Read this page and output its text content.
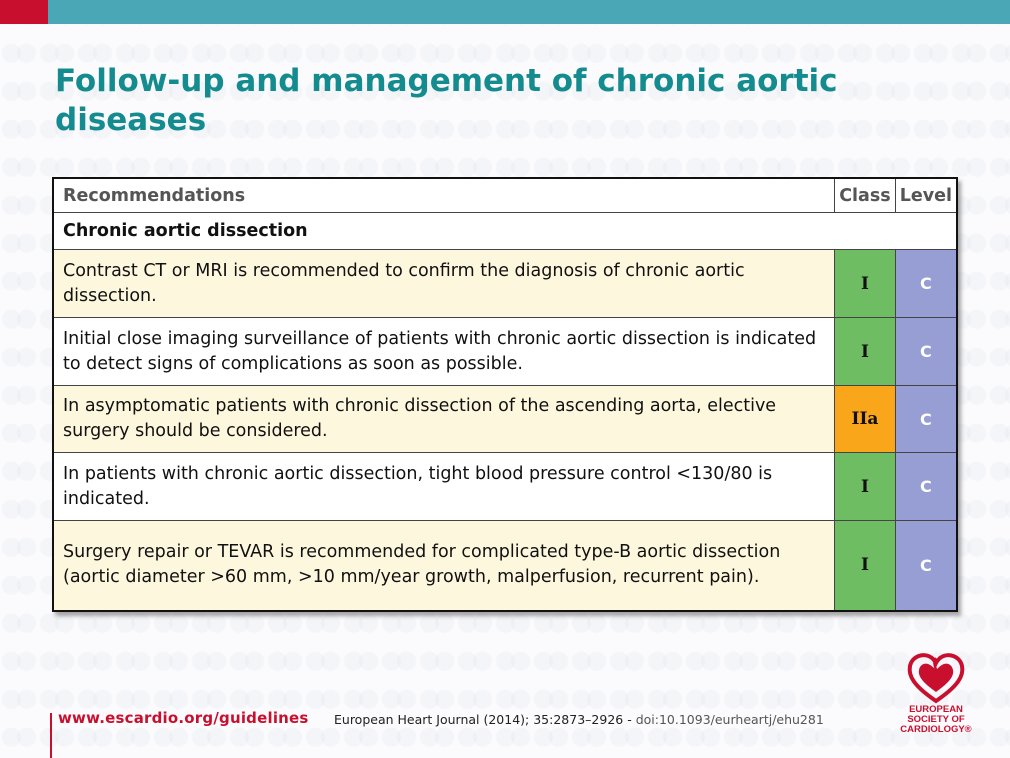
Follow-up and management of chronic aortic diseases
Recommendations	Class	Level
Chronic aortic dissection		
Contrast CT or MRI is recommended to confirm the diagnosis of chronic aortic dissection.	I	C
Initial close imaging surveillance of patients with chronic aortic dissection is indicated to detect signs of complications as soon as possible.	I	C
In asymptomatic patients with chronic dissection of the ascending aorta, elective surgery should be considered.	IIa	C
In patients with chronic aortic dissection, tight blood pressure control <130/80 is indicated.	I	C
Surgery repair or TEVAR is recommended for complicated type-B aortic dissection (aortic diameter >60 mm, >10 mm/year growth, malperfusion, recurrent pain).	I	C
www.escardio.org/guidelines European Heart Journal (2014); 35:2873–2926 - doi:10.1093/eurheartj/ehu281
EUROPEAN
SOCIETY OF
CARDIOLOGY®
